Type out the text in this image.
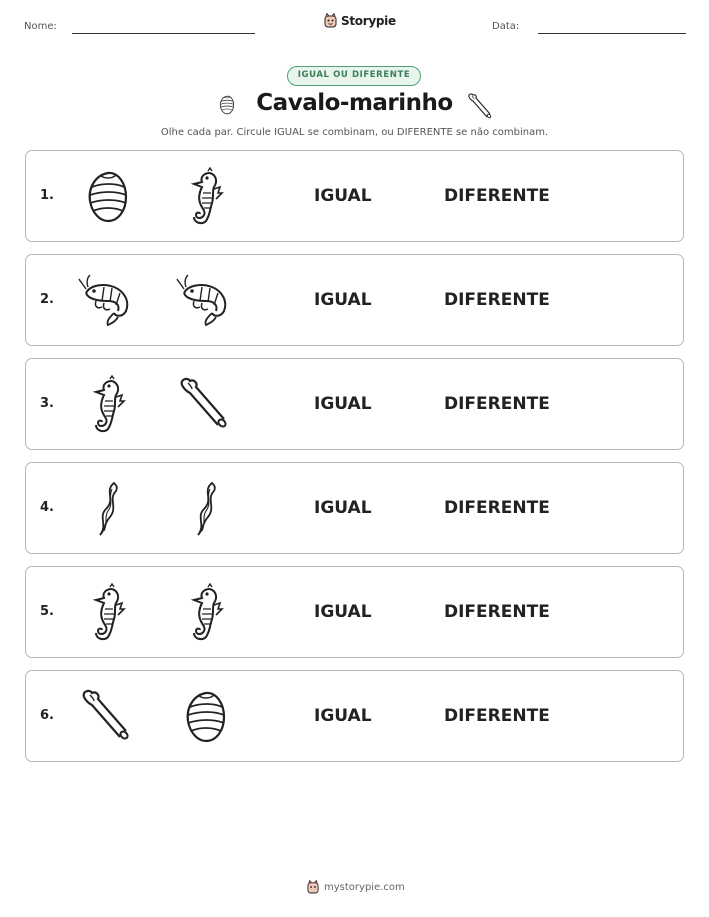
Nome:	Storypie	Data:
IGUAL OU DIFERENTE
Cavalo-marinho
Olhe cada par. Circule IGUAL se combinam, ou DIFERENTE se não combinam.
1.	IGUAL	DIFERENTE
2.	IGUAL	DIFERENTE
3.	IGUAL	DIFERENTE
4.	IGUAL	DIFERENTE
5.	IGUAL	DIFERENTE
6.	IGUAL	DIFERENTE
mystorypie.com
